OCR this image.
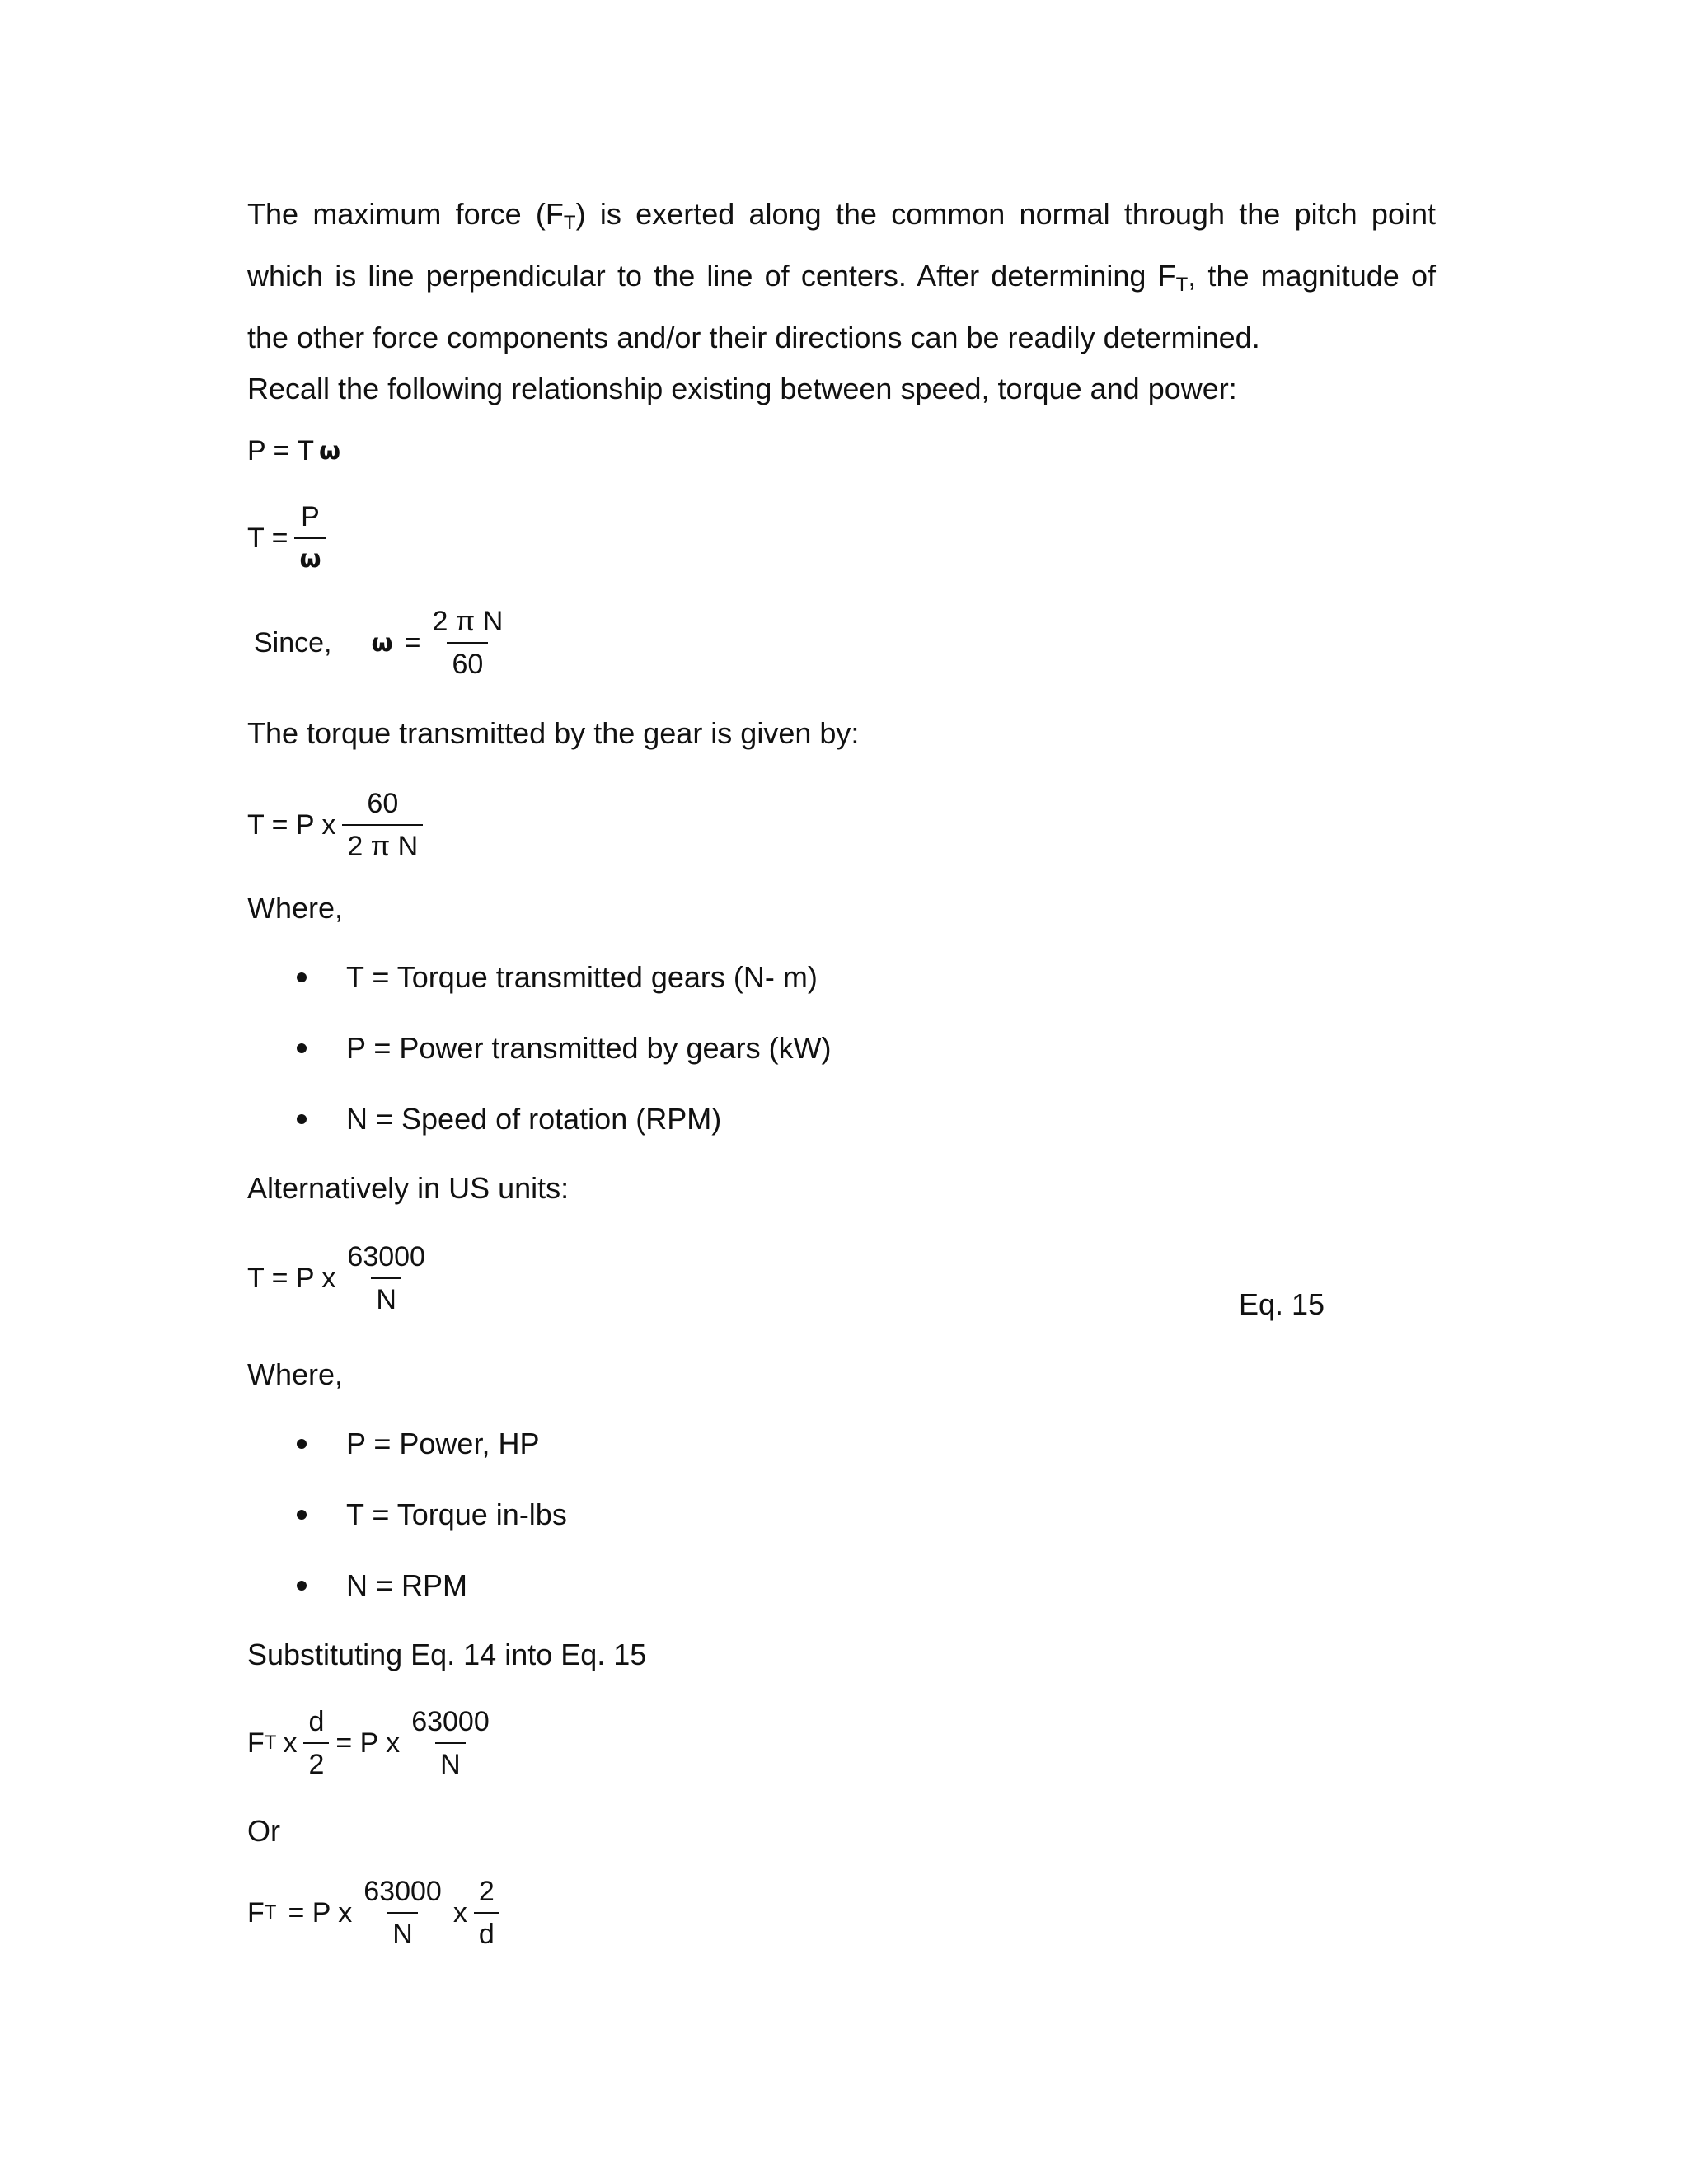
The maximum force $(F_T)$ is exerted along the common normal through the pitch point which is line perpendicular to the line of centers. After determining $F_T$, the magnitude of the other force components and/or their directions can be readily determined.

Recall the following relationship existing between speed, torque and power:

P = T ω
$T = \frac{P}{\omega}$
Since, $\omega = \frac{\text{2 π N}}{60}$

The torque transmitted by the gear is given by:

T = P x $\frac{60}{\text{2 π N}}$

Where,

T = Torque transmitted gears (N- m)
P = Power transmitted by gears (kW)
N = Speed of rotation (RPM)

Alternatively in US units:

T = P x $\frac{63000}{N}$	Eq. 15

Where,

P = Power, HP
T = Torque in-lbs
N = RPM

Substituting Eq. 14 into Eq. 15

F T x $\frac{d}{2} = P$ x $\frac{63000}{N}$

Or

F T = P x $\frac{63000}{N}$ x $\frac{2}{d}$
